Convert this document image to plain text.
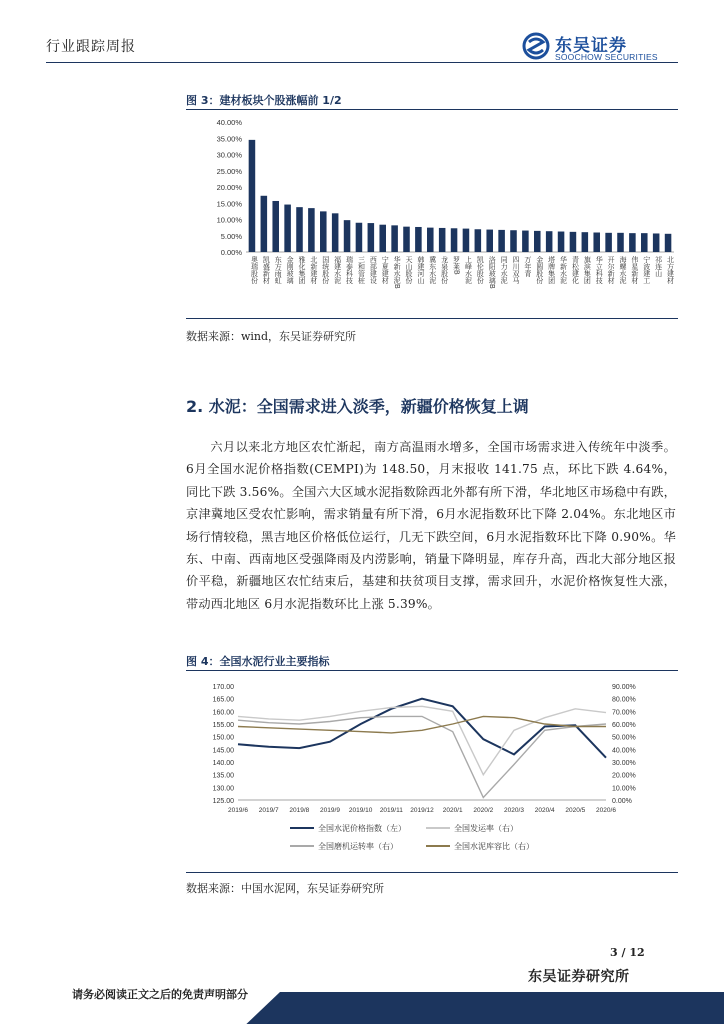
行业跟踪周报	东吴证券
SOOCHOW SECURITIES
图 3：建材板块个股涨幅前 1/2
0.00%
5.00%
10.00%
15.00%
20.00%
25.00%
30.00%
35.00%
40.00%
奥瑞股份 凯盛新材 东方雨虹 金刚玻璃 雅化集团 北新建材 国统股份 福建水泥 瑞泰科技 三和管桩 西部建设 宁夏建材 华新水泥B 天山股份 韩建河山 冀东水泥 龙泉股份 罗莱B 上峰水泥 凯伦股份 洛阳玻璃B 同力水泥 四川双马 万年青 金圆股份 塔牌集团 华新水泥 青松建化 旗滨集团 华立科技 开尔新材 海螺水泥 伟星新材 宁波建工 祁连山 北方建材
数据来源：wind，东吴证券研究所
2. 水泥：全国需求进入淡季，新疆价格恢复上调
六月以来北方地区农忙渐起，南方高温雨水增多，全国市场需求进入传统年中淡季。6月全国水泥价格指数(CEMPI)为 148.50，月末报收 141.75 点，环比下跌 4.64%，同比下跌 3.56%。全国六大区域水泥指数除西北外都有所下滑，华北地区市场稳中有跌，京津冀地区受农忙影响，需求销量有所下滑，6月水泥指数环比下降 2.04%。东北地区市场行情较稳，黑吉地区价格低位运行，几无下跌空间，6月水泥指数环比下降 0.90%。华东、中南、西南地区受强降雨及内涝影响，销量下降明显，库存升高，西北大部分地区报价平稳，新疆地区农忙结束后，基建和扶贫项目支撑，需求回升，水泥价格恢复性大涨，带动西北地区 6月水泥指数环比上涨 5.39%。
图 4：全国水泥行业主要指标
125.00
130.00
135.00
140.00
145.00
150.00
155.00
160.00
165.00
170.00
0.00%
10.00%
20.00%
30.00%
40.00%
50.00%
60.00%
70.00%
80.00%
90.00%
2019/6 2019/7 2019/8 2019/9 2019/10 2019/11 2019/12 2020/1 2020/2 2020/3 2020/4 2020/5 2020/6
全国水泥价格指数（左）	全国发运率（右）
全国磨机运转率（右）	全国水泥库容比（右）
数据来源：中国水泥网，东吴证券研究所
3 / 12
东吴证券研究所
请务必阅读正文之后的免责声明部分
